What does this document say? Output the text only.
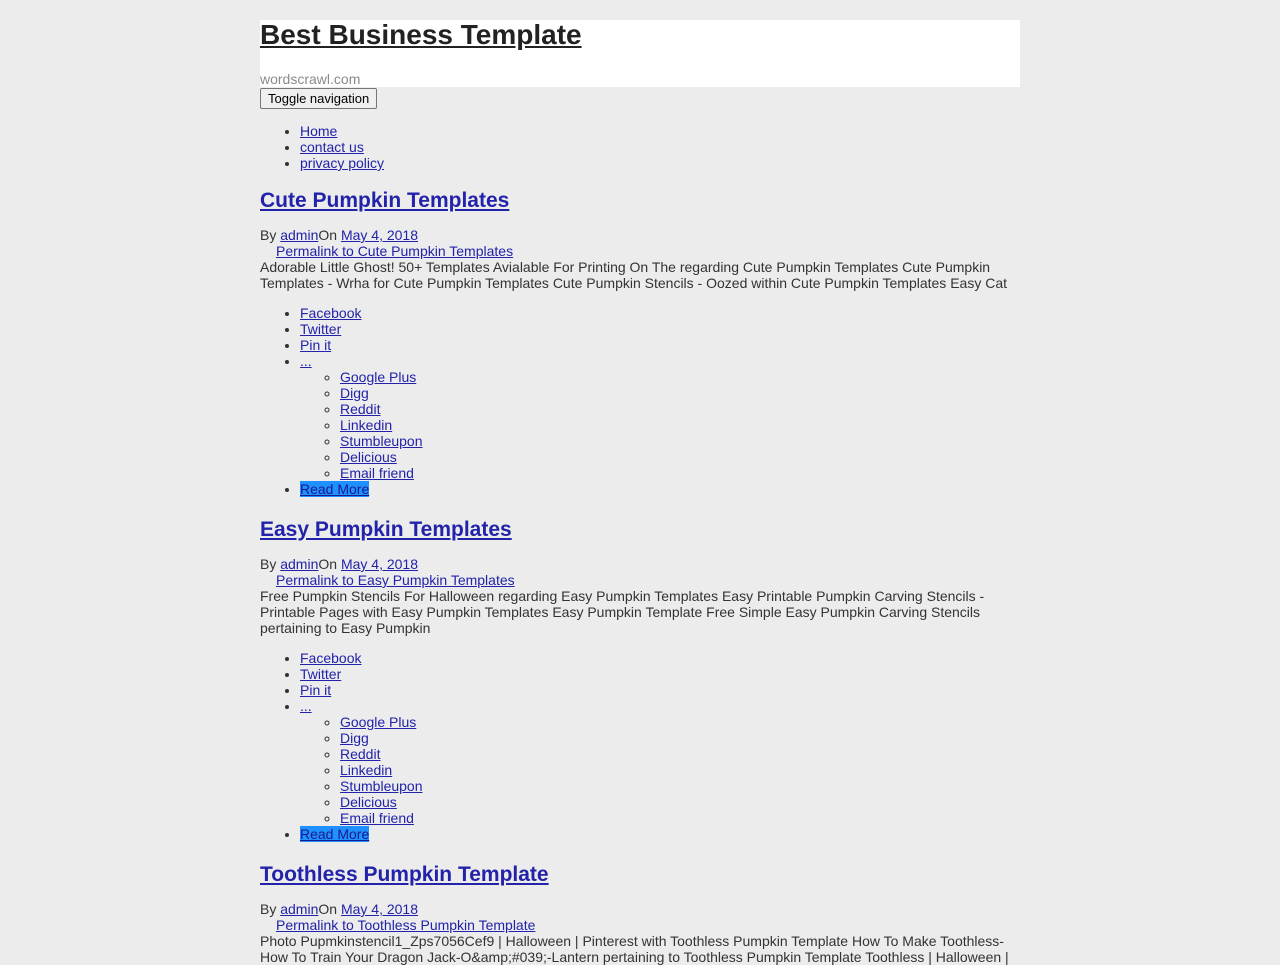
Best Business Template
wordscrawl.com
Toggle navigation
• Home
• contact us
• privacy policy
Cute Pumpkin Templates
By adminOn May 4, 2018
Permalink to Cute Pumpkin Templates

Adorable Little Ghost! 50+ Templates Avialable For Printing On The regarding Cute Pumpkin Templates Cute Pumpkin Templates - Wrha for Cute Pumpkin Templates Cute Pumpkin Stencils - Oozed within Cute Pumpkin Templates Easy Cat

• Facebook
• Twitter
• Pin it
• ...
◦ Google Plus
◦ Digg
◦ Reddit
◦ Linkedin
◦ Stumbleupon
◦ Delicious
◦ Email friend
• Read More
Easy Pumpkin Templates
By adminOn May 4, 2018
Permalink to Easy Pumpkin Templates

Free Pumpkin Stencils For Halloween regarding Easy Pumpkin Templates Easy Printable Pumpkin Carving Stencils - Printable Pages with Easy Pumpkin Templates Easy Pumpkin Template Free Simple Easy Pumpkin Carving Stencils pertaining to Easy Pumpkin

• Facebook
• Twitter
• Pin it
• ...
◦ Google Plus
◦ Digg
◦ Reddit
◦ Linkedin
◦ Stumbleupon
◦ Delicious
◦ Email friend
• Read More
Toothless Pumpkin Template
By adminOn May 4, 2018
Permalink to Toothless Pumpkin Template

Photo Pupmkinstencil1_Zps7056Cef9 | Halloween | Pinterest with Toothless Pumpkin Template How To Make Toothless-How To Train Your Dragon Jack-O&amp;#039;-Lantern pertaining to Toothless Pumpkin Template Toothless | Halloween |
